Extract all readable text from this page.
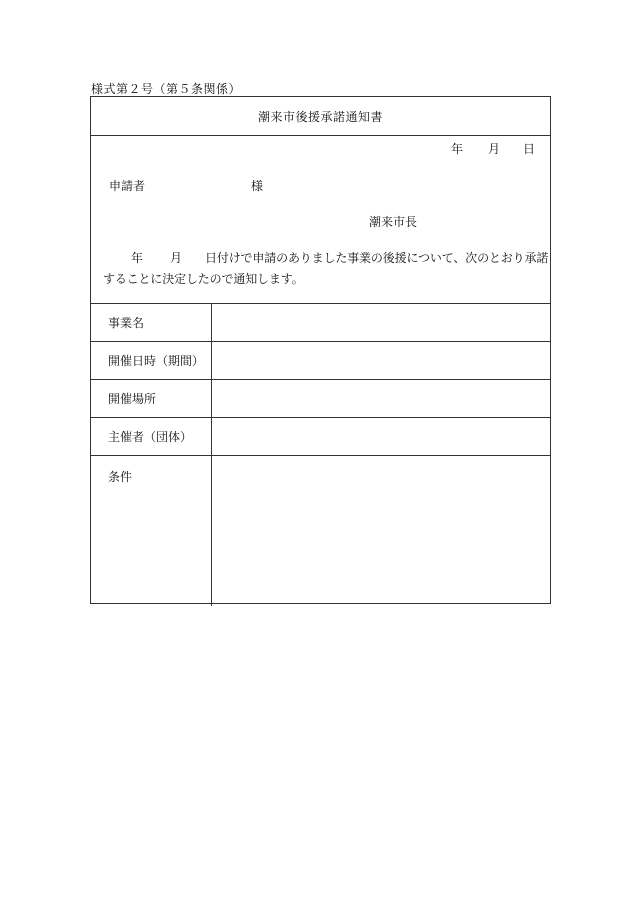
様式第２号（第５条関係）
潮来市後援承諾通知書
年 月 日
申請者	様
潮来市長
年 月 日付けで申請のありました事業の後援について、次のとおり承諾
することに決定したので通知します。
事業名
開催日時（期間）
開催場所
主催者（団体）
条件
